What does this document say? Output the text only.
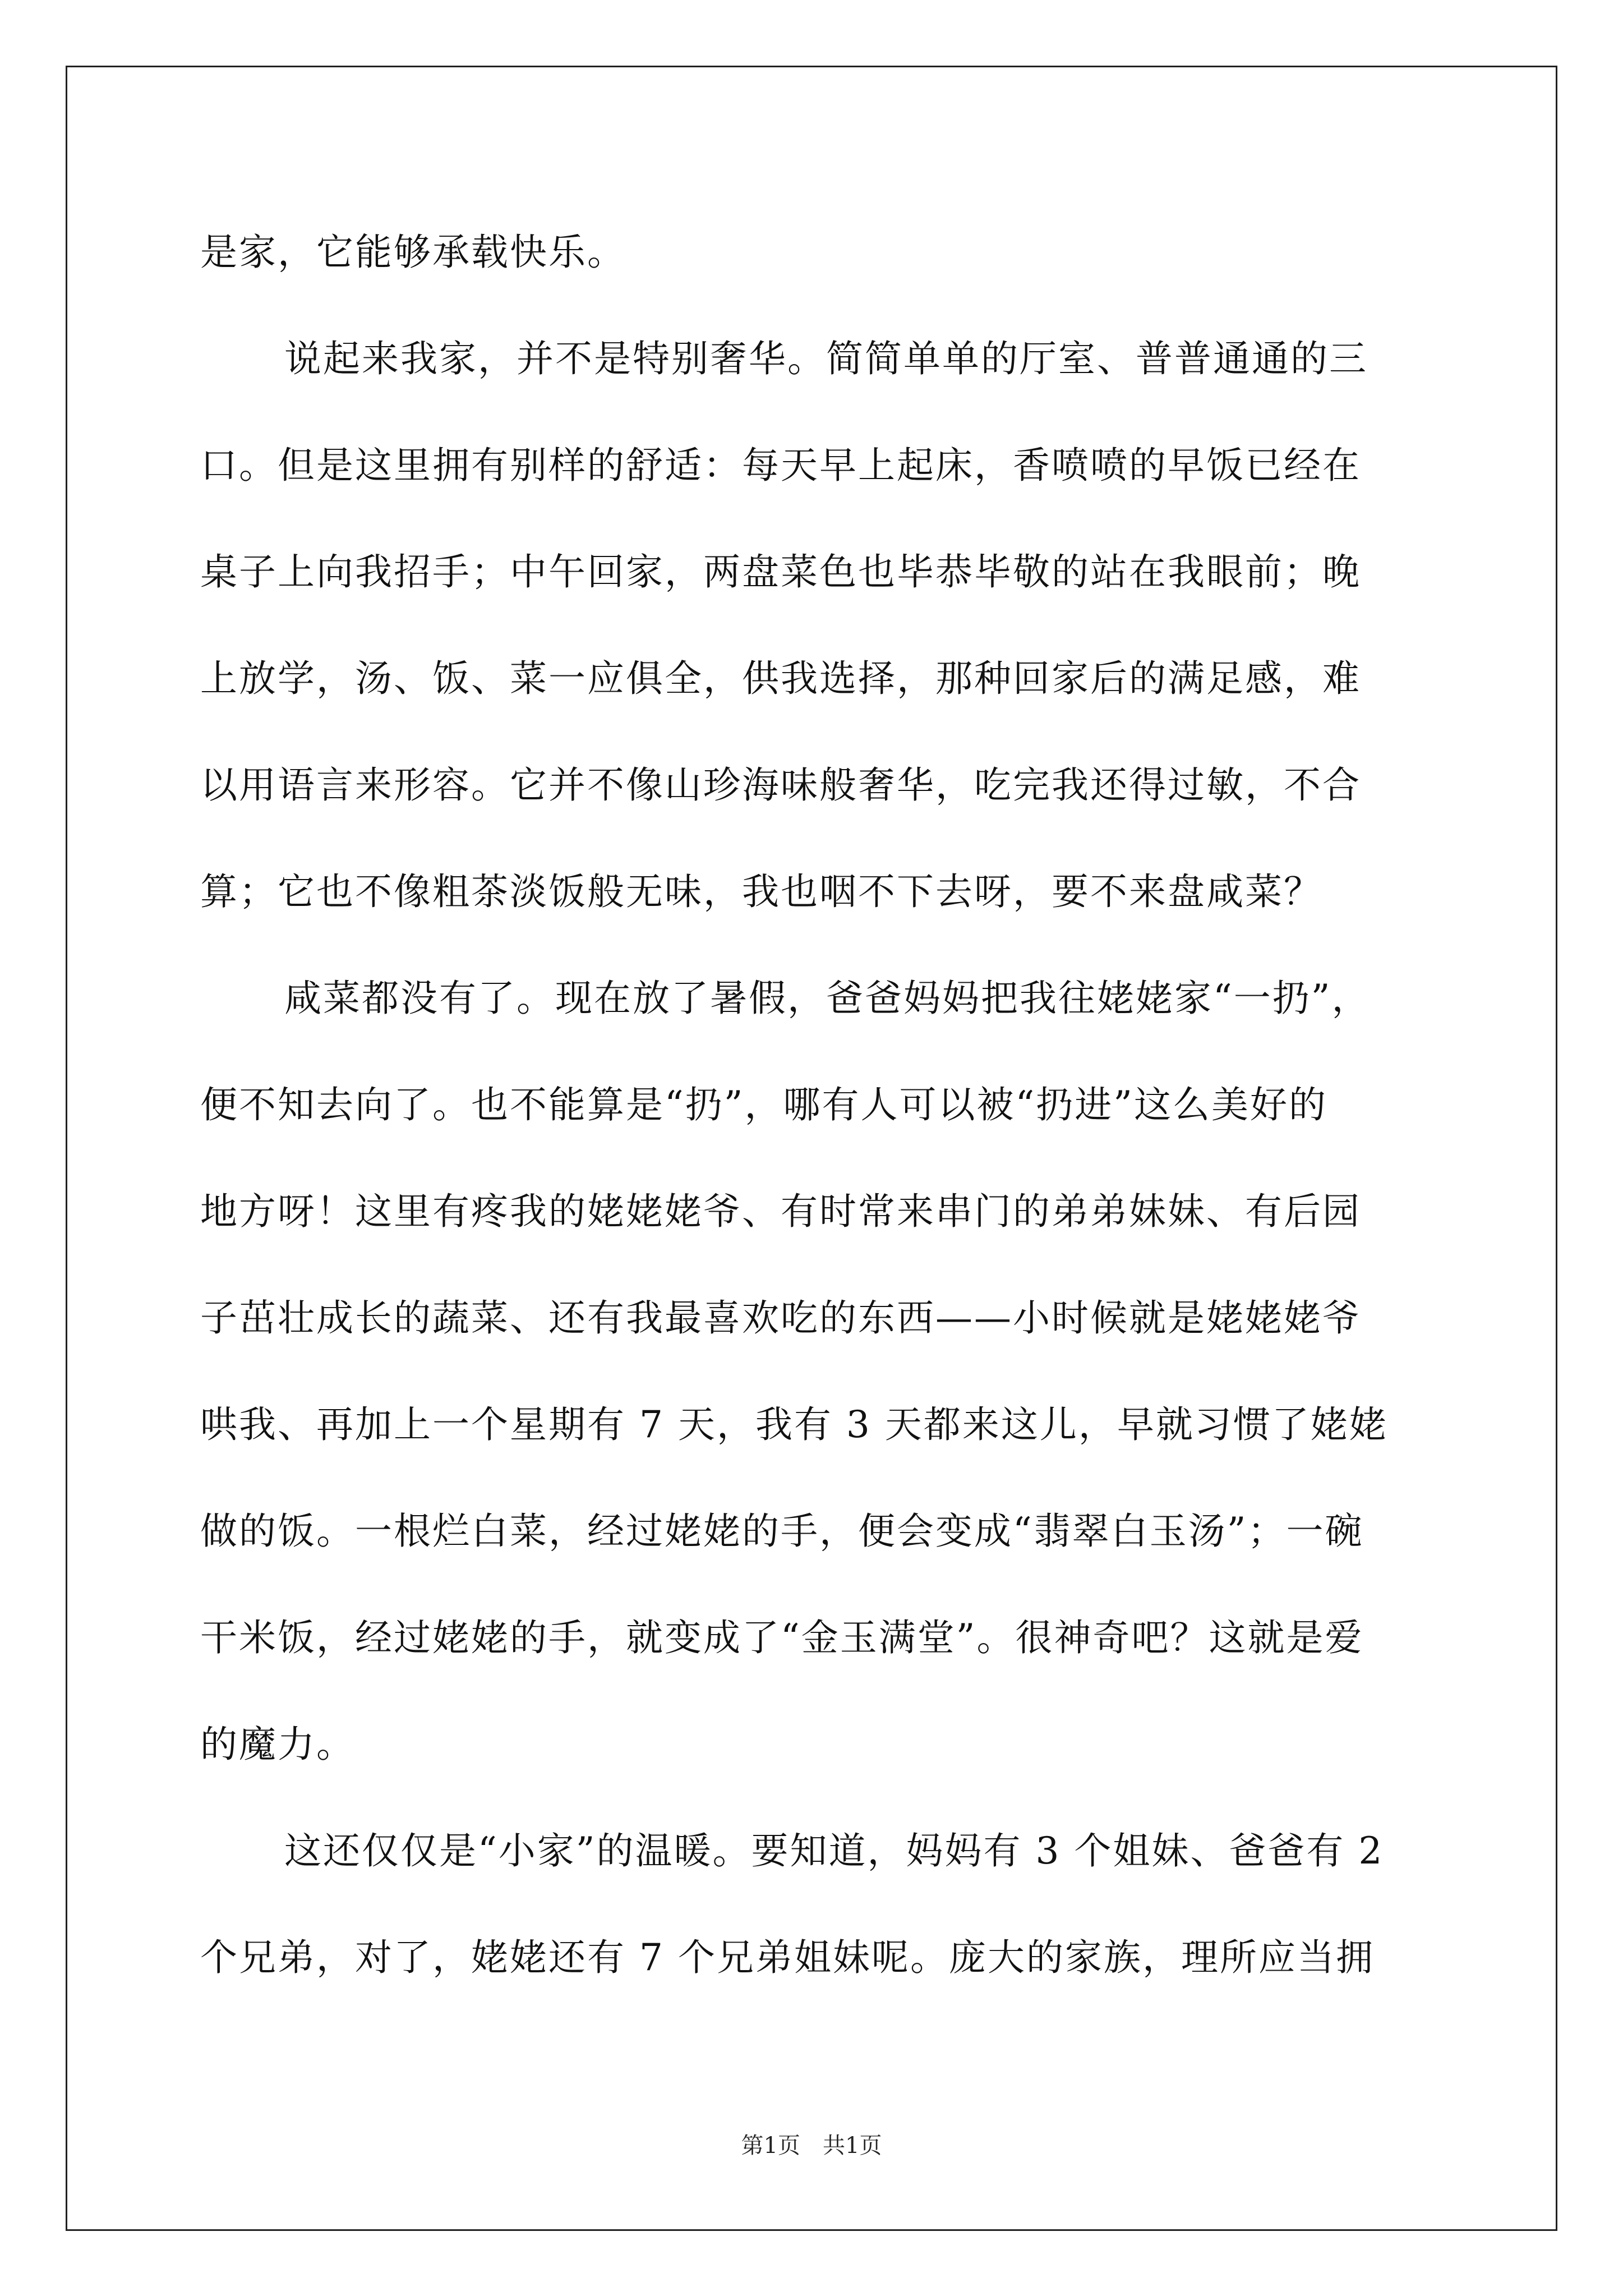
是家，它能够承载快乐。
说起来我家，并不是特别奢华。简简单单的厅室、普普通通的三
口。但是这里拥有别样的舒适：每天早上起床，香喷喷的早饭已经在
桌子上向我招手；中午回家，两盘菜色也毕恭毕敬的站在我眼前；晚
上放学，汤、饭、菜一应俱全，供我选择，那种回家后的满足感，难
以用语言来形容。它并不像山珍海味般奢华，吃完我还得过敏，不合
算；它也不像粗茶淡饭般无味，我也咽不下去呀，要不来盘咸菜？
咸菜都没有了。现在放了暑假，爸爸妈妈把我往姥姥家“一扔”，
便不知去向了。也不能算是“扔”，哪有人可以被“扔进”这么美好的
地方呀！这里有疼我的姥姥姥爷、有时常来串门的弟弟妹妹、有后园
子茁壮成长的蔬菜、还有我最喜欢吃的东西——小时候就是姥姥姥爷
哄我、再加上一个星期有 7 天，我有 3 天都来这儿，早就习惯了姥姥
做的饭。一根烂白菜，经过姥姥的手，便会变成“翡翠白玉汤”；一碗
干米饭，经过姥姥的手，就变成了“金玉满堂”。很神奇吧？这就是爱
的魔力。
这还仅仅是“小家”的温暖。要知道，妈妈有 3 个姐妹、爸爸有 2
个兄弟，对了，姥姥还有 7 个兄弟姐妹呢。庞大的家族，理所应当拥
第1页　共1页
